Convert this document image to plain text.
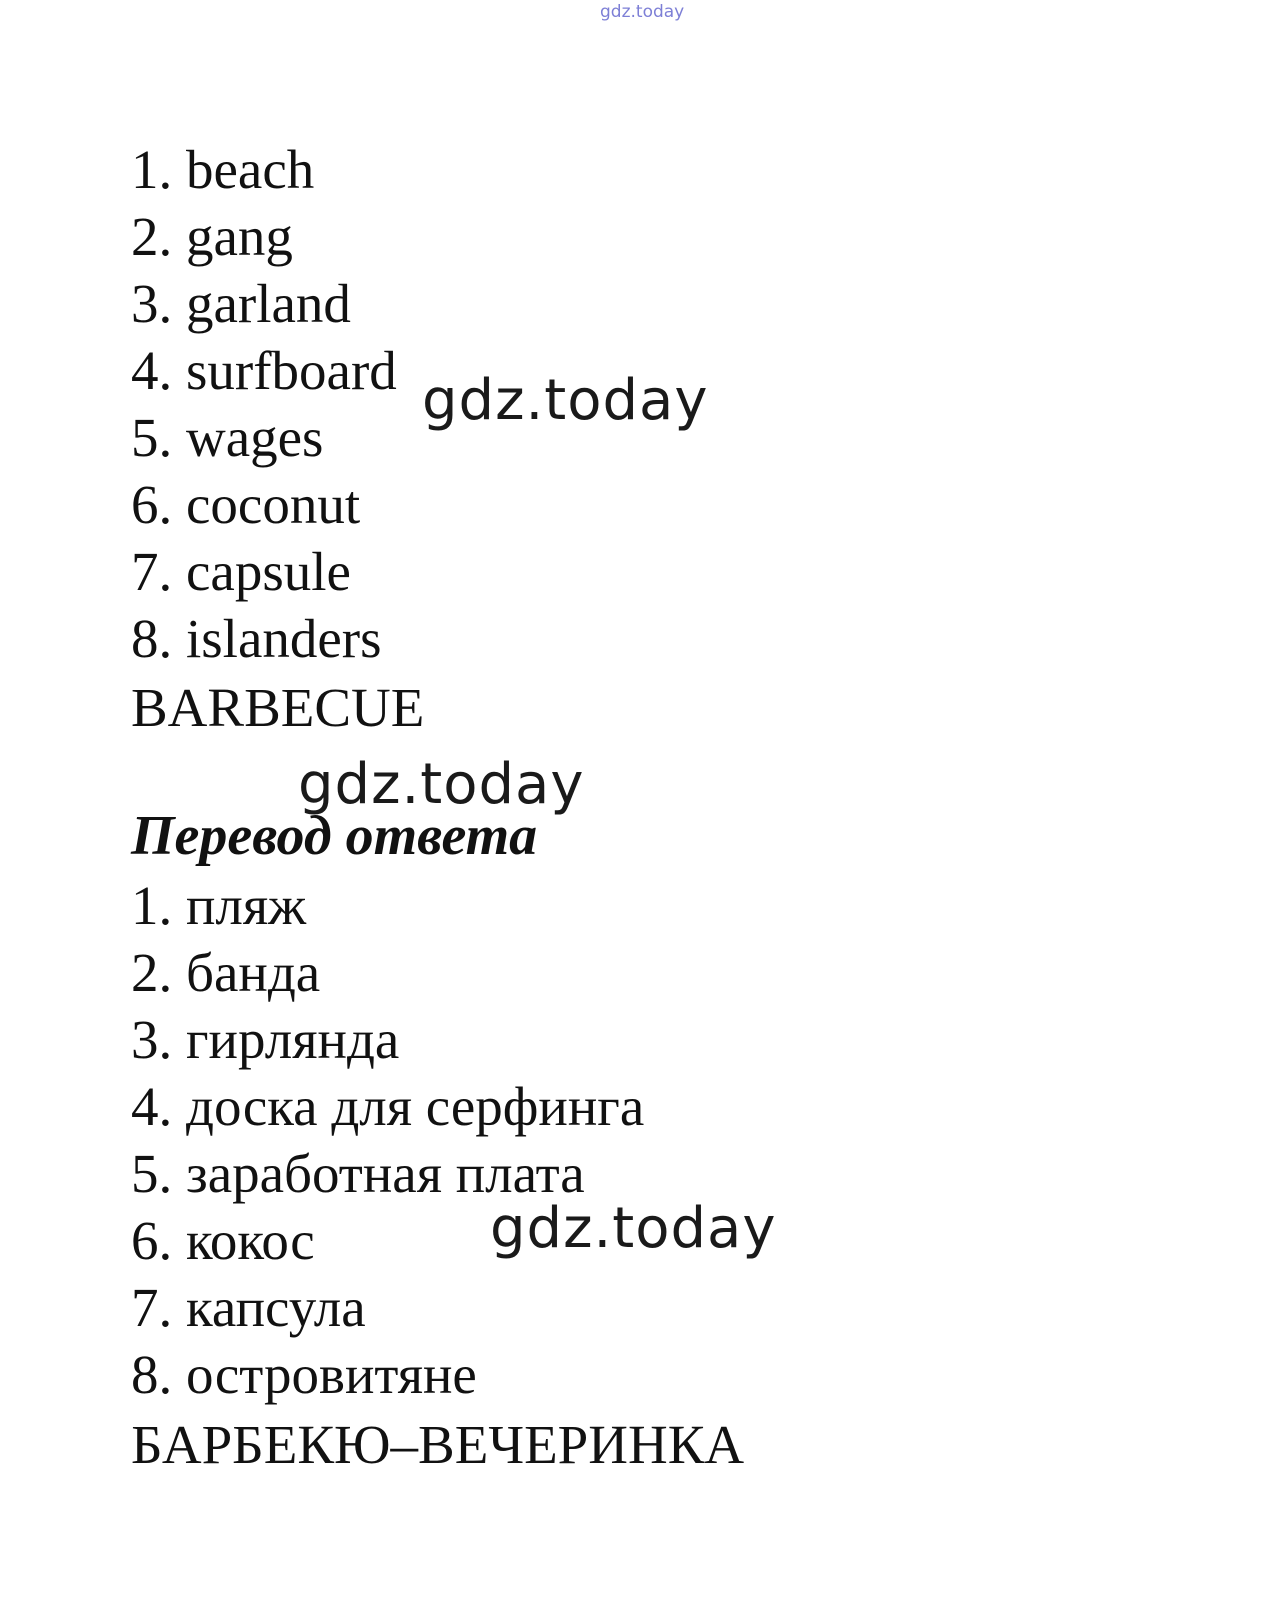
gdz.today
1. beach
2. gang
3. garland
4. surfboard
5. wages
6. coconut
7. capsule
8. islanders
BARBECUE
Перевод ответа
1. пляж
2. банда
3. гирлянда
4. доска для серфинга
5. заработная плата
6. кокос
7. капсула
8. островитяне
БАРБЕКЮ–ВЕЧЕРИНКА
gdz.today
gdz.today
gdz.today
